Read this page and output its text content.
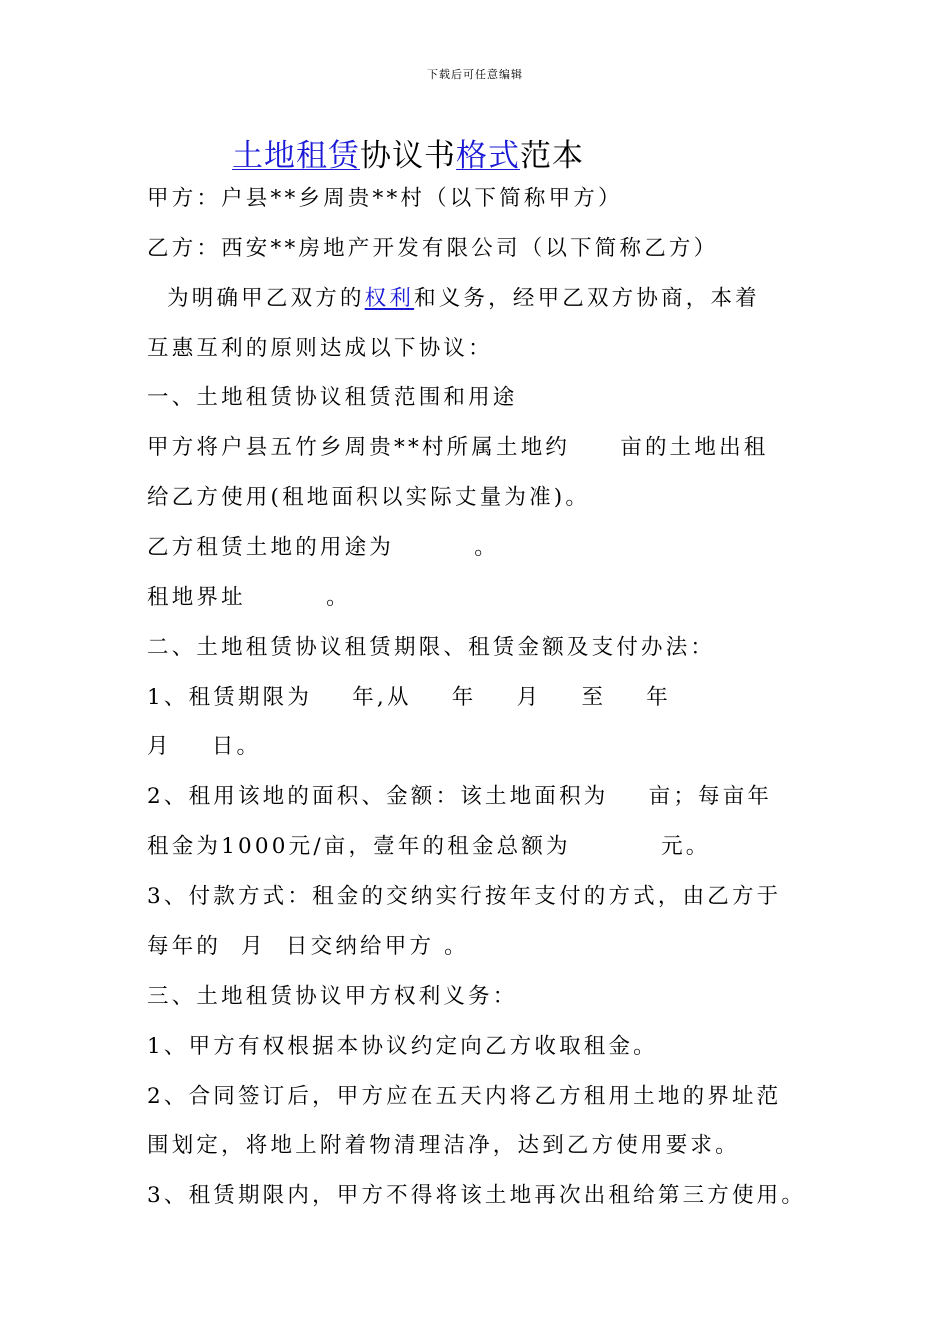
下载后可任意编辑
土地租赁协议书格式范本
甲方：户县**乡周贵**村（以下简称甲方）
乙方：西安**房地产开发有限公司（以下简称乙方）
为明确甲乙双方的权利和义务，经甲乙双方协商，本着
互惠互利的原则达成以下协议：
一、土地租赁协议租赁范围和用途
甲方将户县五竹乡周贵**村所属土地约     亩的土地出租
给乙方使用(租地面积以实际丈量为准)。
乙方租赁土地的用途为        。
租地界址        。
二、土地租赁协议租赁期限、租赁金额及支付办法：
1、租赁期限为    年,从    年    月    至    年
月    日。
2、租用该地的面积、金额：该土地面积为    亩；每亩年
租金为1000元/亩，壹年的租金总额为         元。
3、付款方式：租金的交纳实行按年支付的方式，由乙方于
每年的  月  日交纳给甲方 。
三、土地租赁协议甲方权利义务：
1、甲方有权根据本协议约定向乙方收取租金。
2、合同签订后，甲方应在五天内将乙方租用土地的界址范
围划定，将地上附着物清理洁净，达到乙方使用要求。
3、租赁期限内，甲方不得将该土地再次出租给第三方使用。
